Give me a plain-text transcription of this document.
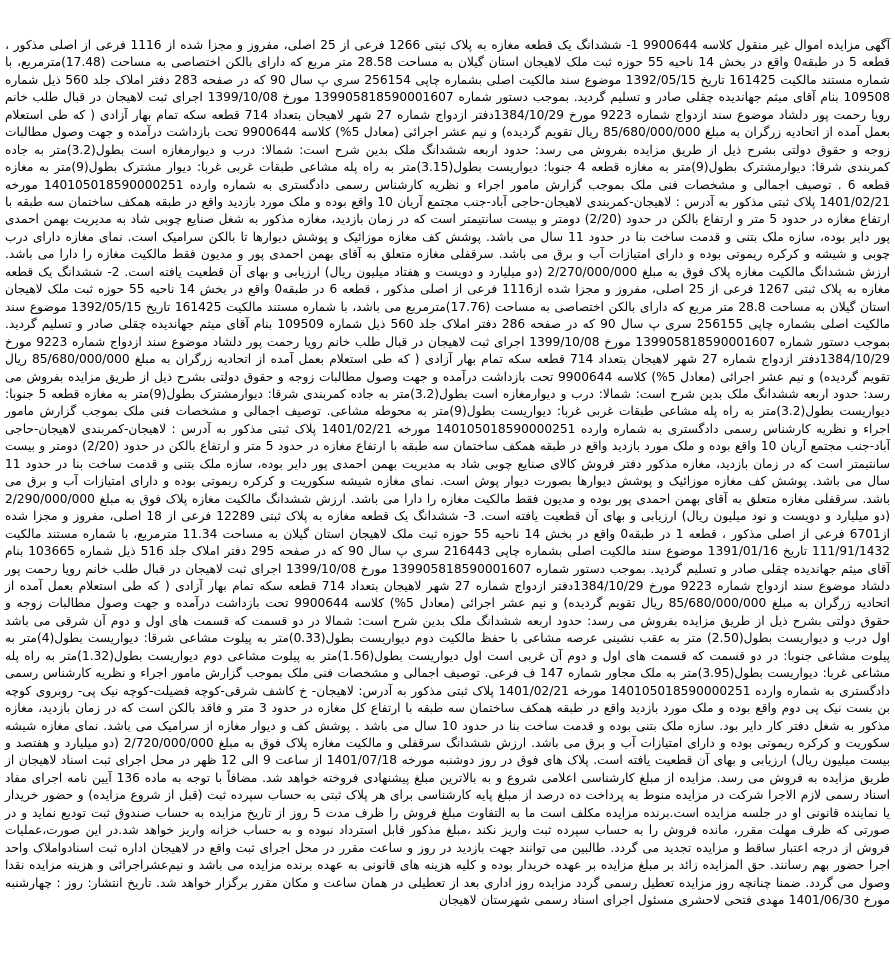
آگهی مزایده اموال غیر منقول کلاسه 9900644 1- ششدانگ یک قطعه مغازه به پلاک ثبتی 1266 فرعی از 25 اصلی، مفروز و مجزا شده از 1116 فرعی از اصلی مذکور ، قطعه 5 در طبقه0 واقع در بخش 14 ناحیه 55 حوزه ثبت ملک لاهیجان استان گیلان به مساحت 28.58 متر مربع که دارای بالکن اختصاصی به مساحت (17.48)مترمربع، با شماره مستند مالکیت 161425 تاریخ 1392/05/15 موضوع سند مالکیت اصلی بشماره چاپی 256154 سری پ سال 90 که در صفحه 283 دفتر املاک جلد 560 ذیل شماره 109508 بنام آقای میثم جهاندیده چقلی صادر و تسلیم گردید. بموجب دستور شماره 139905818590001607 مورخ 1399/10/08 اجرای ثبت لاهیجان در قبال طلب خانم رویا رحمت پور دلشاد موضوع سند ازدواج شماره 9223 مورخ 1384/10/29دفتر ازدواج شماره 27 شهر لاهیجان بتعداد 714 قطعه سکه تمام بهار آزادی ( که طی استعلام بعمل آمده از اتحادیه زرگران به مبلغ 85/680/000/000 ریال تقویم گردیده) و نیم عشر اجرائی (معادل 5%) کلاسه 9900644 تحت بازداشت درآمده و جهت وصول مطالبات زوجه و حقوق دولتی بشرح ذیل از طریق مزایده بفروش می رسد: حدود اربعه ششدانگ ملک بدین شرح است: شمالا: درب و دیوارمغازه است بطول(3.2)متر به جاده کمربندی شرقا: دیوارمشترک بطول(9)متر به مغازه قطعه 4 جنوبا: دیواریست بطول(3.15)متر به راه پله مشاعی طبقات غربی غربا: دیوار مشترک بطول(9)متر به مغازه قطعه 6 . توصیف اجمالی و مشخصات فنی ملک بموجب گزارش مامور اجراء و نظریه کارشناس رسمی دادگستری به شماره وارده 140105018590000251 مورخه 1401/02/21 پلاک ثبتی مذکور به آدرس : لاهیجان-کمربندی لاهیجان-حاجی آباد-جنب مجتمع آریان 10 واقع بوده و ملک مورد بازدید واقع در طبقه همکف ساختمان سه طبقه با ارتفاع مغازه در حدود 5 متر و ارتفاع بالکن در حدود (2/20) دومتر و بیست سانتیمتر است که در زمان بازدید، مغازه مذکور به شغل صنایع چوبی شاد به مدیریت بهمن احمدی پور دایر بوده، سازه ملک بتنی و قدمت ساخت بنا در حدود 11 سال می باشد. پوشش کف مغازه موزائیک و پوشش دیوارها تا بالکن سرامیک است. نمای مغازه دارای درب چوبی و شیشه و کرکره ریموتی بوده و دارای امتیازات آب و برق می باشد. سرقفلی مغازه متعلق به آقای بهمن احمدی پور و مدیون فقط مالکیت مغازه را دارا می باشد. ارزش ششدانگ مالکیت مغازه پلاک فوق به مبلغ 2/270/000/000 (دو میلیارد و دویست و هفتاد میلیون ریال) ارزیابی و بهای آن قطعیت یافته است. 2- ششدانگ یک قطعه مغازه به پلاک ثبتی 1267 فرعی از 25 اصلی، مفروز و مجزا شده از1116 فرعی از اصلی مذکور ، قطعه 6 در طبقه0 واقع در بخش 14 ناحیه 55 حوزه ثبت ملک لاهیجان استان گیلان به مساحت 28.8 متر مربع که دارای بالکن اختصاصی به مساحت (17.76)مترمربع می باشد، با شماره مستند مالکیت 161425 تاریخ 1392/05/15 موضوع سند مالکیت اصلی بشماره چاپی 256155 سری پ سال 90 که در صفحه 286 دفتر املاک جلد 560 ذیل شماره 109509 بنام آقای میثم جهاندیده چقلی صادر و تسلیم گردید. بموجب دستور شماره 139905818590001607 مورخ 1399/10/08 اجرای ثبت لاهیجان در قبال طلب خانم رویا رحمت پور دلشاد موضوع سند ازدواج شماره 9223 مورخ 1384/10/29دفتر ازدواج شماره 27 شهر لاهیجان بتعداد 714 قطعه سکه تمام بهار آزادی ( که طی استعلام بعمل آمده از اتحادیه زرگران به مبلغ 85/680/000/000 ریال تقویم گردیده) و نیم عشر اجرائی (معادل 5%) کلاسه 9900644 تحت بازداشت درآمده و جهت وصول مطالبات زوجه و حقوق دولتی بشرح ذیل از طریق مزایده بفروش می رسد: حدود اربعه ششدانگ ملک بدین شرح است: شمالا: درب و دیوارمغازه است بطول(3.2)متر به جاده کمربندی شرقا: دیوارمشترک بطول(9)متر به مغازه قطعه 5 جنوبا: دیواریست بطول(3.2)متر به راه پله مشاعی طبقات غربی غربا: دیواریست بطول(9)متر به محوطه مشاعی. توصیف اجمالی و مشخصات فنی ملک بموجب گزارش مامور اجراء و نظریه کارشناس رسمی دادگستری به شماره وارده 140105018590000251 مورخه 1401/02/21 پلاک ثبتی مذکور به آدرس : لاهیجان-کمربندی لاهیجان-حاجی آباد-جنب مجتمع آریان 10 واقع بوده و ملک مورد بازدید واقع در طبقه همکف ساختمان سه طبقه با ارتفاع مغازه در حدود 5 متر و ارتفاع بالکن در حدود (2/20) دومتر و بیست سانتیمتر است که در زمان بازدید، مغازه مذکور دفتر فروش کالای صنایع چوبی شاد به مدیریت بهمن احمدی پور دایر بوده، سازه ملک بتنی و قدمت ساخت بنا در حدود 11 سال می باشد. پوشش کف مغازه موزائیک و پوشش دیوارها بصورت دیوار پوش است. نمای مغازه شیشه سکوریت و کرکره ریموتی بوده و دارای امتیازات آب و برق می باشد. سرقفلی مغازه متعلق به آقای بهمن احمدی پور بوده و مدیون فقط مالکیت مغازه را دارا می باشد. ارزش ششدانگ مالکیت مغازه پلاک فوق به مبلغ 2/290/000/000 (دو میلیارد و دویست و نود میلیون ریال) ارزیابی و بهای آن قطعیت یافته است. 3- ششدانگ یک قطعه مغازه به پلاک ثبتی 12289 فرعی از 18 اصلی، مفروز و مجزا شده از6701 فرعی از اصلی مذکور ، قطعه 1 در طبقه0 واقع در بخش 14 ناحیه 55 حوزه ثبت ملک لاهیجان استان گیلان به مساحت 11.34 مترمربع، با شماره مستند مالکیت 111/91/1432 تاریخ 1391/01/16 موضوع سند مالکیت اصلی بشماره چاپی 216443 سری پ سال 90 که در صفحه 295 دفتر املاک جلد 516 ذیل شماره 103665 بنام آقای میثم جهاندیده چقلی صادر و تسلیم گردید. بموجب دستور شماره 139905818590001607 مورخ 1399/10/08 اجرای ثبت لاهیجان در قبال طلب خانم رویا رحمت پور دلشاد موضوع سند ازدواج شماره 9223 مورخ 1384/10/29دفتر ازدواج شماره 27 شهر لاهیجان بتعداد 714 قطعه سکه تمام بهار آزادی ( که طی استعلام بعمل آمده از اتحادیه زرگران به مبلغ 85/680/000/000 ریال تقویم گردیده) و نیم عشر اجرائی (معادل 5%) کلاسه 9900644 تحت بازداشت درآمده و جهت وصول مطالبات زوجه و حقوق دولتی بشرح ذیل از طریق مزایده بفروش می رسد: حدود اربعه ششدانگ ملک بدین شرح است: شمالا در دو قسمت که قسمت های اول و دوم آن شرقی می باشد اول درب و دیواریست بطول(2.50) متر به عقب نشینی عرصه مشاعی با حفظ مالکیت دوم دیواریست بطول(0.33)متر به پیلوت مشاعی شرقا: دیواریست بطول(4)متر به پیلوت مشاعی جنوبا: در دو قسمت که قسمت های اول و دوم آن غربی است اول دیواریست بطول(1.56)متر به پیلوت مشاعی دوم دیواریست بطول(1.32)متر به راه پله مشاعی غربا: دیواریست بطول(3.95)متر به ملک مجاور شماره 147 ف فرعی. توصیف اجمالی و مشخصات فنی ملک بموجب گزارش مامور اجراء و نظریه کارشناس رسمی دادگستری به شماره وارده 140105018590000251 مورخه 1401/02/21 پلاک ثبتی مذکور به آدرس: لاهیجان- خ کاشف شرقی-کوچه فضیلت-کوچه نیک پی- روبروی کوچه بن بست نیک پی دوم واقع بوده و ملک مورد بازدید واقع در طبقه همکف ساختمان سه طبقه با ارتفاع کل مغازه در حدود 3 متر و فاقد بالکن است که در زمان بازدید، مغازه مذکور به شغل دفتر کار دایر بود. سازه ملک بتنی بوده و قدمت ساخت بنا در حدود 10 سال می باشد . پوشش کف و دیوار مغازه از سرامیک می باشد. نمای مغازه شیشه سکوریت و کرکره ریموتی بوده و دارای امتیازات آب و برق می باشد. ارزش ششدانگ سرقفلی و مالکیت مغازه پلاک فوق به مبلغ 2/720/000/000 (دو میلیارد و هفتصد و بیست میلیون ریال) ارزیابی و بهای آن قطعیت یافته است. پلاک های فوق در روز دوشنبه مورخه 1401/07/18 از ساعت 9 الی 12 ظهر در محل اجرای ثبت اسناد لاهیجان از طریق مزایده به فروش می رسد. مزایده از مبلغ کارشناسی اعلامی شروع و به بالاترین مبلغ پیشنهادی فروخته خواهد شد. مضافاً با توجه به ماده 136 آیین نامه اجرای مفاد اسناد رسمی لازم الاجرا شرکت در مزایده منوط به پرداخت ده درصد از مبلغ پایه کارشناسی برای هر پلاک ثبتی به حساب سپرده ثبت (قبل از شروع مزایده) و حضور خریدار یا نماینده قانونی او در جلسه مزایده است.برنده مزایده مکلف است ما به التفاوت مبلغ فروش را ظرف مدت 5 روز از تاریخ مزایده به حساب صندوق ثبت تودیع نماید و در صورتی که ظرف مهلت مقرر، مانده فروش را به حساب سپرده ثبت واریز نکند ،مبلغ مذکور قابل استرداد نبوده و به حساب خزانه واریز خواهد شد.در این صورت،عملیات فروش از درجه اعتبار ساقط و مزایده تجدید می گردد. طالبین می توانند جهت بازدید در روز و ساعت مقرر در محل اجرای ثبت واقع در لاهیجان اداره ثبت اسنادواملاک واحد اجرا حضور بهم رسانند. حق المزایده زائد بر مبلغ مزایده بر عهده خریدار بوده و کلیه هزینه های قانونی به عهده برنده مزایده می باشد و نیم‌عشر‌اجرائی و هزینه مزایده نقدا وصول می گردد. ضمنا چنانچه روز مزایده تعطیل رسمی گردد مزایده روز اداری بعد از تعطیلی در همان ساعت و مکان مقرر برگزار خواهد شد. تاریخ انتشار: روز : چهارشنبه مورخ 1401/06/30 مهدی فتحی لاحشری مسئول اجرای اسناد رسمی شهرستان لاهیجان
